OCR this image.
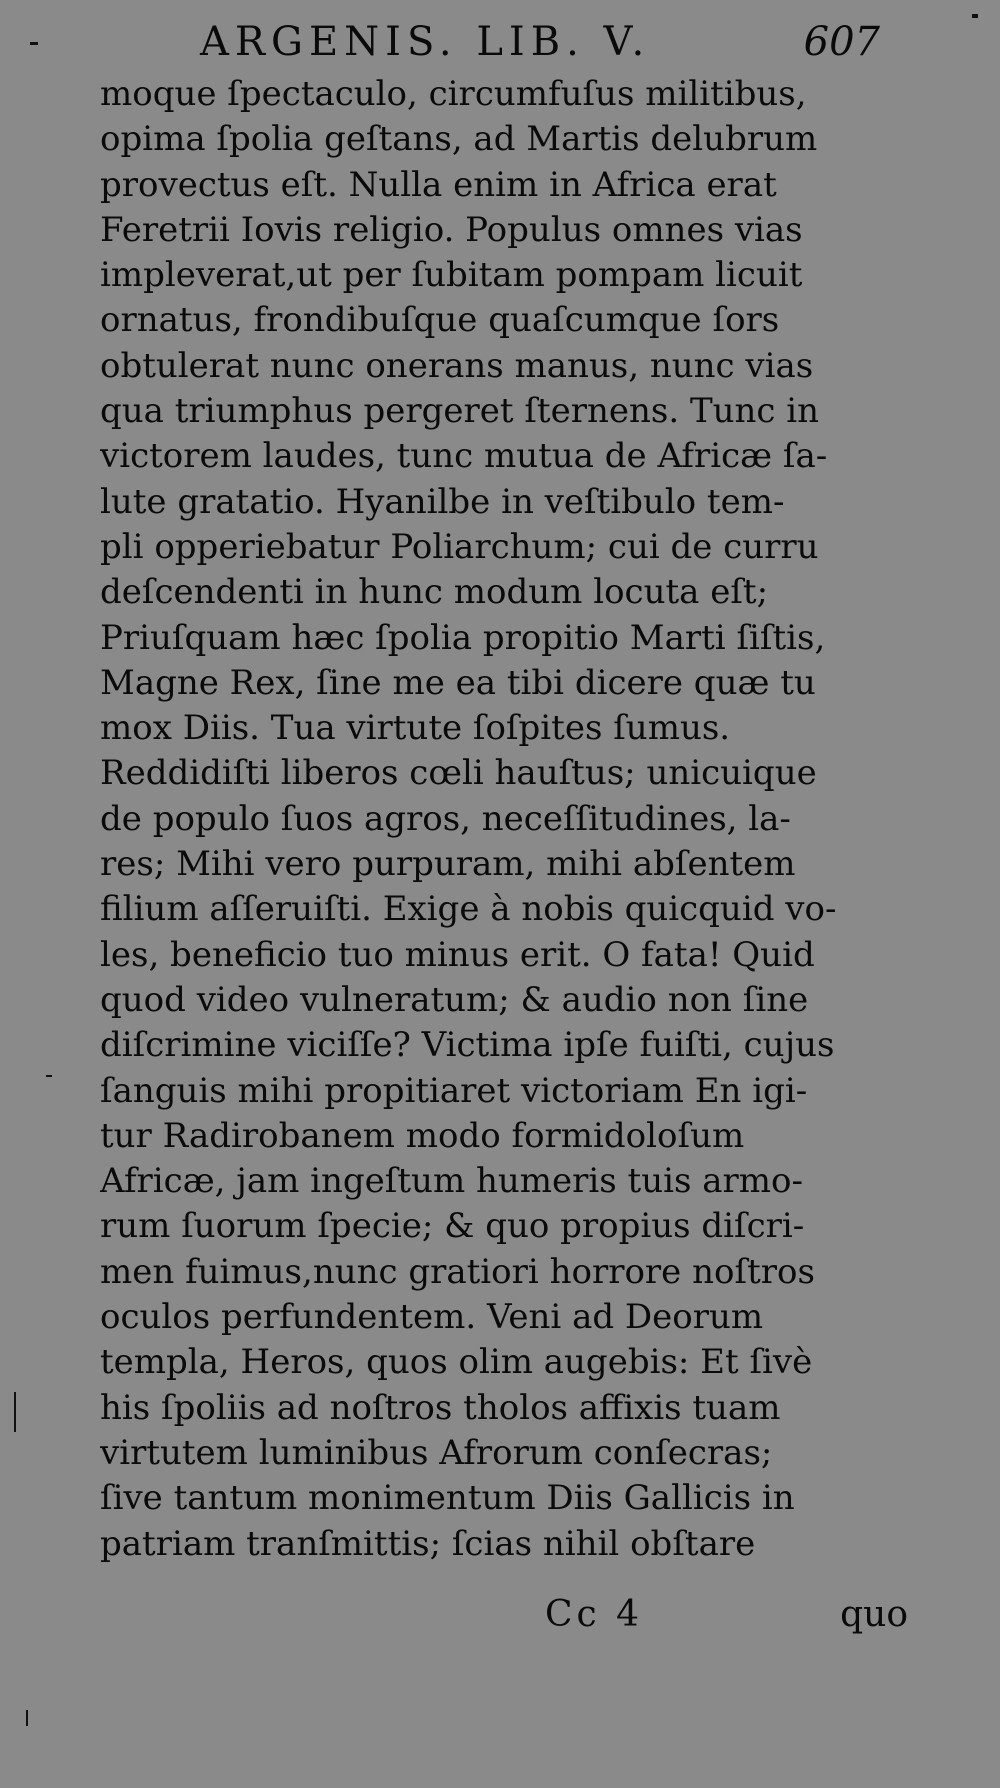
ARGENIS. LIB. V.	607
moque ſpectaculo, circumfuſus militibus,
opima ſpolia geſtans, ad Martis delubrum
provectus eſt. Nulla enim in Africa erat
Feretrii Iovis religio. Populus omnes vias
impleverat,ut per ſubitam pompam licuit
ornatus, frondibuſque quaſcumque ſors
obtulerat nunc onerans manus, nunc vias
qua triumphus pergeret ſternens. Tunc in
victorem laudes, tunc mutua de Africæ ſa-
lute gratatio. Hyanilbe in veſtibulo tem-
pli opperiebatur Poliarchum; cui de curru
deſcendenti in hunc modum locuta eſt;
Priuſquam hæc ſpolia propitio Marti ſiſtis,
Magne Rex, ſine me ea tibi dicere quæ tu
mox Diis. Tua virtute ſoſpites ſumus.
Reddidiſti liberos cœli hauſtus; unicuique
de populo ſuos agros, neceſſitudines, la-
res; Mihi vero purpuram, mihi abſentem
filium aſſeruiſti. Exige à nobis quicquid vo-
les, beneficio tuo minus erit. O fata! Quid
quod video vulneratum; & audio non ſine
diſcrimine viciſſe? Victima ipſe fuiſti, cujus
ſanguis mihi propitiaret victoriam En igi-
tur Radirobanem modo formidoloſum
Africæ, jam ingeſtum humeris tuis armo-
rum ſuorum ſpecie; & quo propius diſcri-
men fuimus,nunc gratiori horrore noſtros
oculos perfundentem. Veni ad Deorum
templa, Heros, quos olim augebis: Et ſivè
his ſpoliis ad noſtros tholos affixis tuam
virtutem luminibus Afrorum conſecras;
ſive tantum monimentum Diis Gallicis in
patriam tranſmittis; ſcias nihil obſtare
Cc 4	quo
